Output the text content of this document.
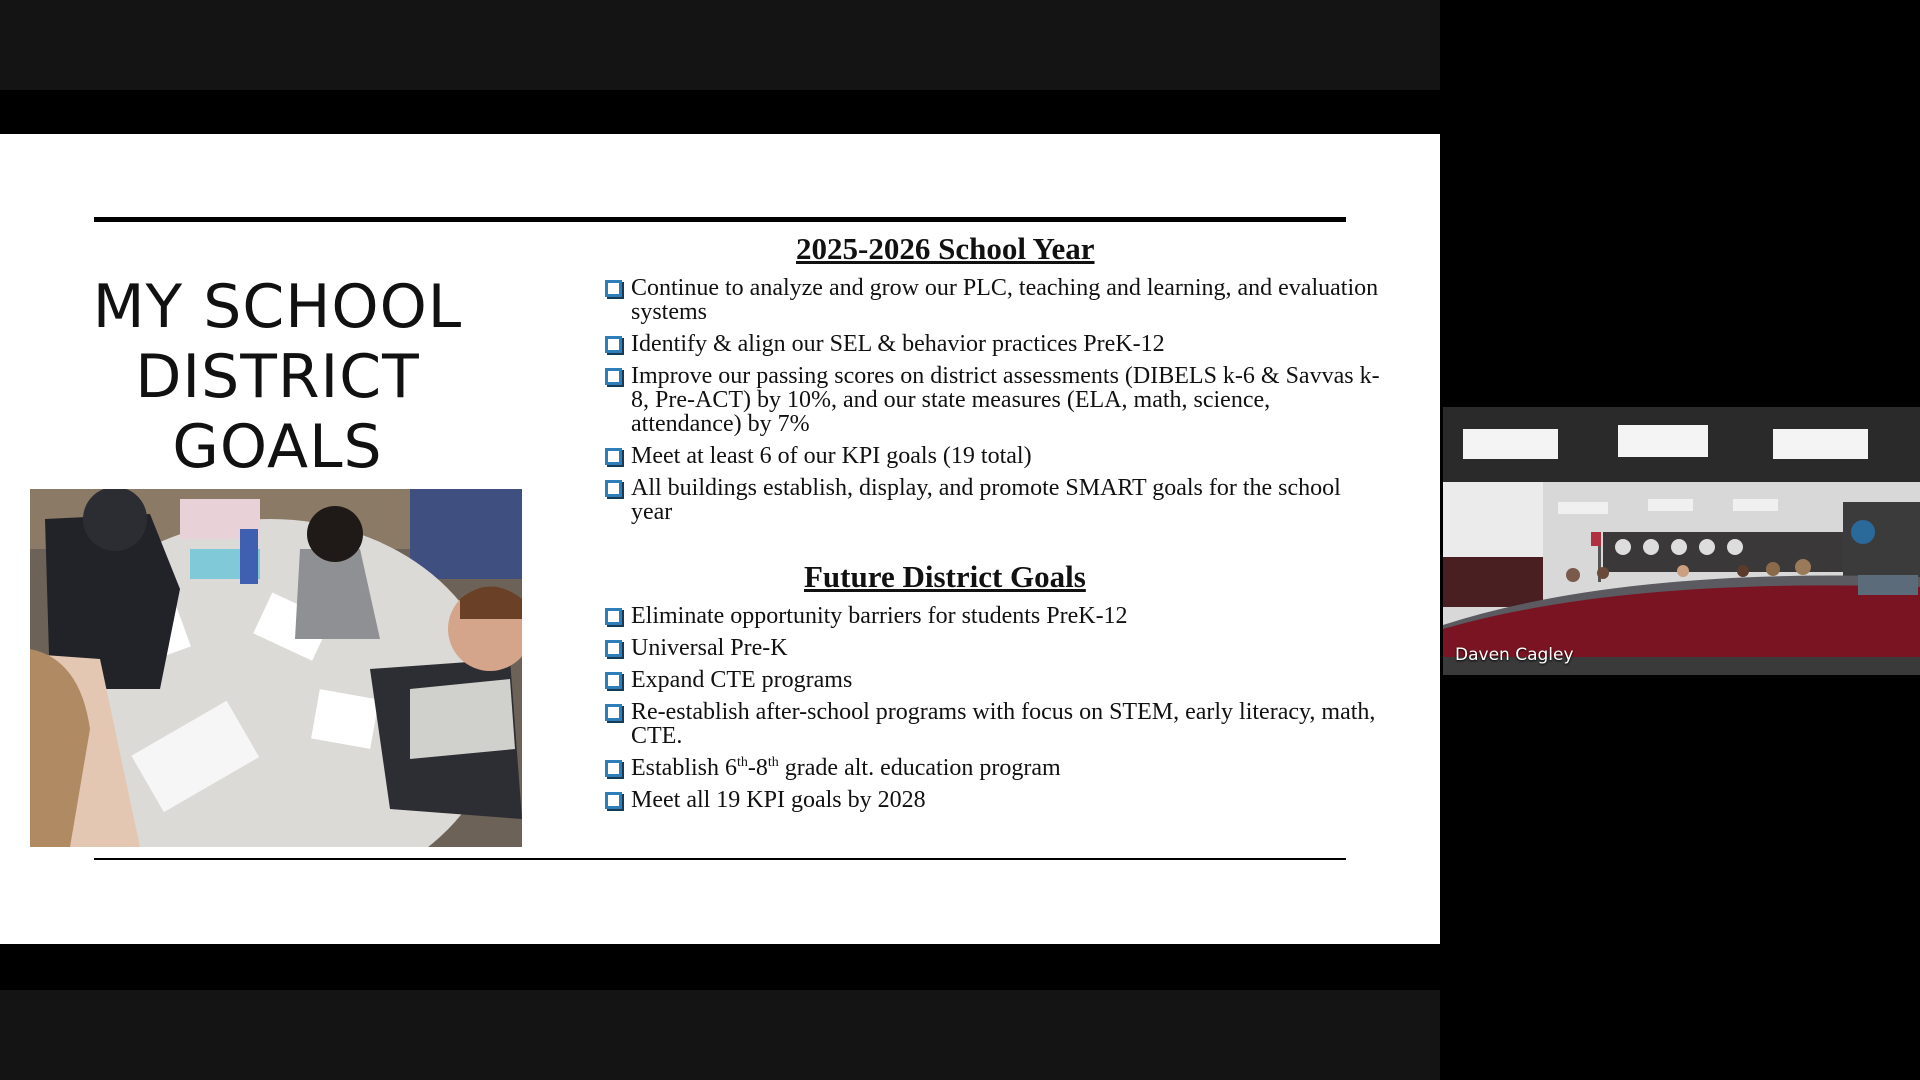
MY SCHOOL
DISTRICT GOALS
2025-2026 School Year
Continue to analyze and grow our PLC, teaching and learning, and evaluation systems
Identify & align our SEL & behavior practices PreK-12
Improve our passing scores on district assessments (DIBELS k-6 & Savvas k-8, Pre-ACT) by 10%, and our state measures (ELA, math, science, attendance) by 7%
Meet at least 6 of our KPI goals (19 total)
All buildings establish, display, and promote SMART goals for the school year
Future District Goals
Eliminate opportunity barriers for students PreK-12
Universal Pre-K
Expand CTE programs
Re-establish after-school programs with focus on STEM, early literacy, math, CTE.
Establish 6th-8th grade alt. education program
Meet all 19 KPI goals by 2028
Daven Cagley
